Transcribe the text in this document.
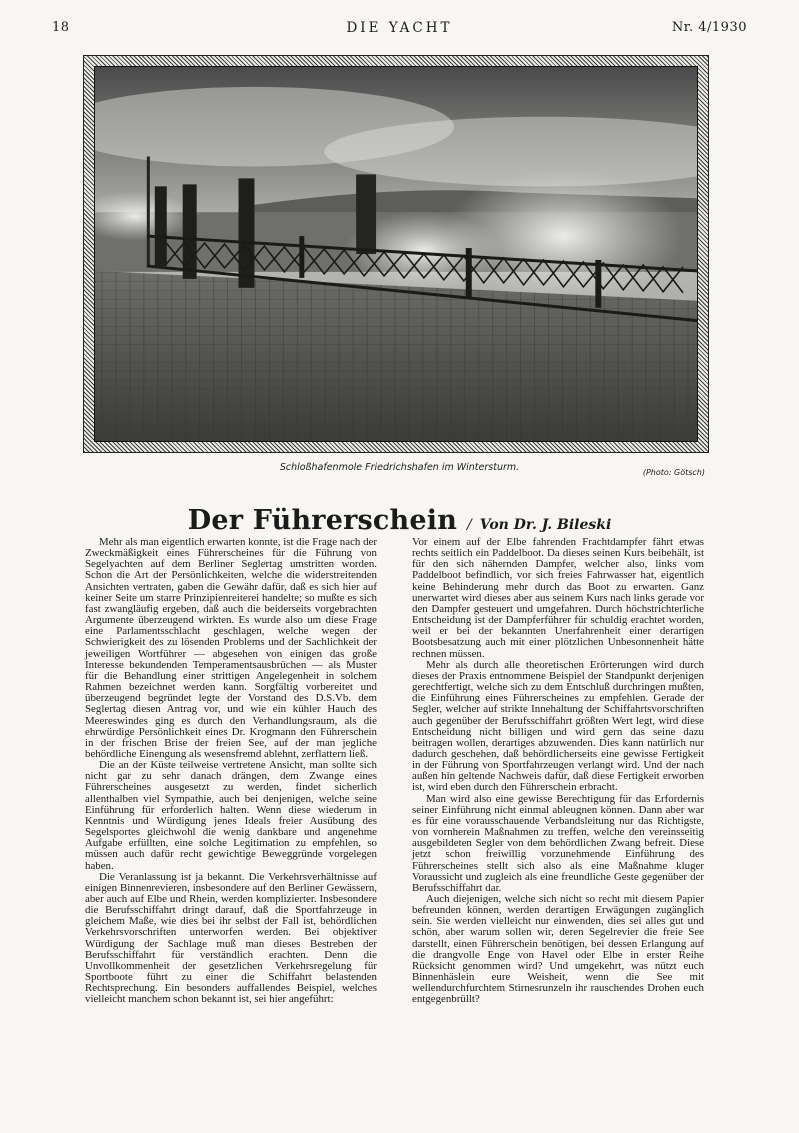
18	DIE YACHT	Nr. 4/1930
Schloßhafenmole Friedrichshafen im Wintersturm.	(Photo: Götsch)
Der Führerschein / Von Dr. J. Bileski

Mehr als man eigentlich erwarten konnte, ist die Frage nach der Zweckmäßigkeit eines Führerscheines für die Führung von Segelyachten auf dem Berliner Seglertag umstritten worden. Schon die Art der Persönlichkeiten, welche die widerstreitenden Ansichten vertraten, gaben die Gewähr dafür, daß es sich hier auf keiner Seite um starre Prinzipienreiterei handelte; so mußte es sich fast zwangläufig ergeben, daß auch die beiderseits vorgebrachten Argumente überzeugend wirkten. Es wurde also um diese Frage eine Parlamentsschlacht geschlagen, welche wegen der Schwierigkeit des zu lösenden Problems und der Sachlichkeit der jeweiligen Wortführer — abgesehen von einigen das große Interesse bekundenden Temperamentsausbrüchen — als Muster für die Behandlung einer strittigen Angelegenheit in solchem Rahmen bezeichnet werden kann. Sorgfältig vorbereitet und überzeugend begründet legte der Vorstand des D.S.Vb. dem Seglertag diesen Antrag vor, und wie ein kühler Hauch des Meereswindes ging es durch den Verhandlungsraum, als die ehrwürdige Persönlichkeit eines Dr. Krogmann den Führerschein in der frischen Brise der freien See, auf der man jegliche behördliche Einengung als wesensfremd ablehnt, zerflattern ließ.

Die an der Küste teilweise vertretene Ansicht, man sollte sich nicht gar zu sehr danach drängen, dem Zwange eines Führerscheines ausgesetzt zu werden, findet sicherlich allenthalben viel Sympathie, auch bei denjenigen, welche seine Einführung für erforderlich halten. Wenn diese wiederum in Kenntnis und Würdigung jenes Ideals freier Ausübung des Segelsportes gleichwohl die wenig dankbare und angenehme Aufgabe erfüllten, eine solche Legitimation zu empfehlen, so müssen auch dafür recht gewichtige Beweggründe vorgelegen haben.

Die Veranlassung ist ja bekannt. Die Verkehrsverhältnisse auf einigen Binnenrevieren, insbesondere auf den Berliner Gewässern, aber auch auf Elbe und Rhein, werden komplizierter. Insbesondere die Berufsschiffahrt dringt darauf, daß die Sportfahrzeuge in gleichem Maße, wie dies bei ihr selbst der Fall ist, behördlichen Verkehrsvorschriften unterworfen werden. Bei objektiver Würdigung der Sachlage muß man dieses Bestreben der Berufsschiffahrt für verständlich erachten. Denn die Unvollkommenheit der gesetzlichen Verkehrsregelung für Sportboote führt zu einer die Schiffahrt belastenden Rechtsprechung. Ein besonders auffallendes Beispiel, welches vielleicht manchem schon bekannt ist, sei hier angeführt:

Vor einem auf der Elbe fahrenden Frachtdampfer fährt etwas rechts seitlich ein Paddelboot. Da dieses seinen Kurs beibehält, ist für den sich nähernden Dampfer, welcher also, links vom Paddelboot befindlich, vor sich freies Fahrwasser hat, eigentlich keine Behinderung mehr durch das Boot zu erwarten. Ganz unerwartet wird dieses aber aus seinem Kurs nach links gerade vor den Dampfer gesteuert und umgefahren. Durch höchstrichterliche Entscheidung ist der Dampferführer für schuldig erachtet worden, weil er bei der bekannten Unerfahrenheit einer derartigen Bootsbesatzung auch mit einer plötzlichen Unbesonnenheit hätte rechnen müssen.

Mehr als durch alle theoretischen Erörterungen wird durch dieses der Praxis entnommene Beispiel der Standpunkt derjenigen gerechtfertigt, welche sich zu dem Entschluß durchringen mußten, die Einführung eines Führerscheines zu empfehlen. Gerade der Segler, welcher auf strikte Innehaltung der Schiffahrtsvorschriften auch gegenüber der Berufsschiffahrt größten Wert legt, wird diese Entscheidung nicht billigen und wird gern das seine dazu beitragen wollen, derartiges abzuwenden. Dies kann natürlich nur dadurch geschehen, daß behördlicherseits eine gewisse Fertigkeit in der Führung von Sportfahrzeugen verlangt wird. Und der nach außen hin geltende Nachweis dafür, daß diese Fertigkeit erworben ist, wird eben durch den Führerschein erbracht.

Man wird also eine gewisse Berechtigung für das Erfordernis seiner Einführung nicht einmal ableugnen können. Dann aber war es für eine vorausschauende Verbandsleitung nur das Richtigste, von vornherein Maßnahmen zu treffen, welche den vereinsseitig ausgebildeten Segler von dem behördlichen Zwang befreit. Diese jetzt schon freiwillig vorzunehmende Einführung des Führerscheines stellt sich also als eine Maßnahme kluger Voraussicht und zugleich als eine freundliche Geste gegenüber der Berufsschiffahrt dar.

Auch diejenigen, welche sich nicht so recht mit diesem Papier befreunden können, werden derartigen Erwägungen zugänglich sein. Sie werden vielleicht nur einwenden, dies sei alles gut und schön, aber warum sollen wir, deren Segelrevier die freie See darstellt, einen Führerschein benötigen, bei dessen Erlangung auf die drangvolle Enge von Havel oder Elbe in erster Reihe Rücksicht genommen wird? Und umgekehrt, was nützt euch Binnenhäslein eure Weisheit, wenn die See mit wellendurchfurchtem Stirnesrunzeln ihr rauschendes Drohen euch entgegenbrüllt?
